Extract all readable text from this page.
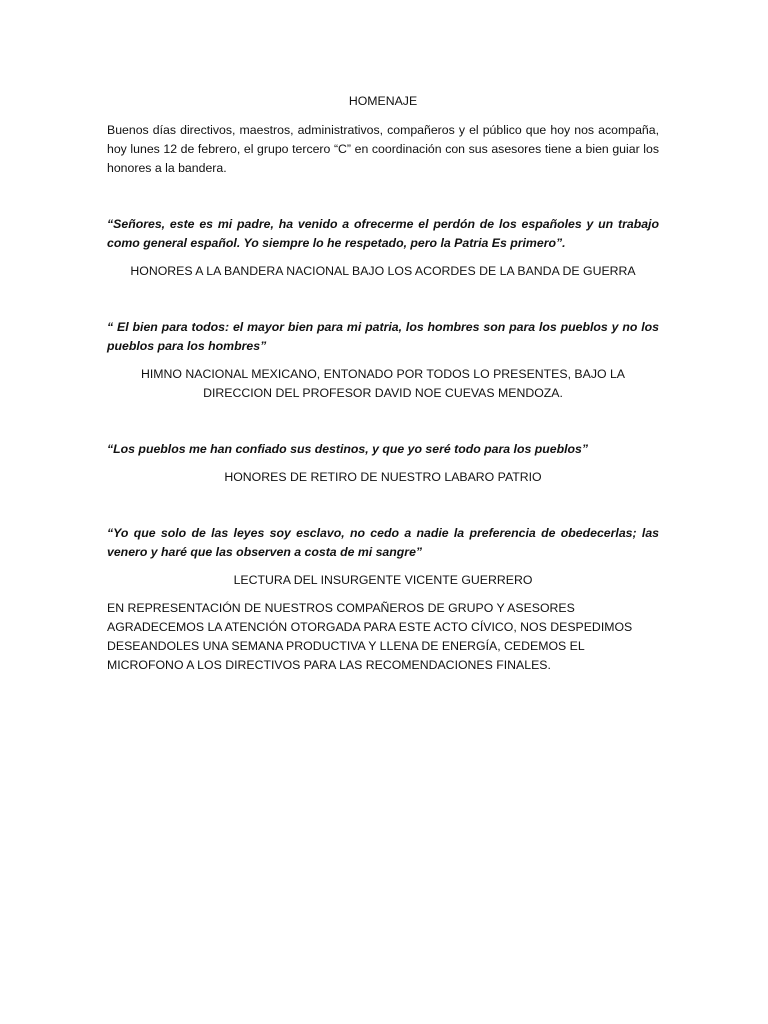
HOMENAJE

Buenos días directivos, maestros, administrativos, compañeros y el público que hoy nos acompaña, hoy lunes 12 de febrero, el grupo tercero “C” en coordinación con sus asesores tiene a bien guiar los honores a la bandera.

“Señores, este es mi padre, ha venido a ofrecerme el perdón de los españoles y un trabajo como general español. Yo siempre lo he respetado, pero la Patria Es primero”.

HONORES A LA BANDERA NACIONAL BAJO LOS ACORDES DE LA BANDA DE GUERRA

“ El bien para todos: el mayor bien para mi patria, los hombres son para los pueblos y no los pueblos para los hombres”

HIMNO NACIONAL MEXICANO, ENTONADO POR TODOS LO PRESENTES, BAJO LA DIRECCION DEL PROFESOR DAVID NOE CUEVAS MENDOZA.

“Los pueblos me han confiado sus destinos, y que yo seré todo para los pueblos”

HONORES DE RETIRO DE NUESTRO LABARO PATRIO

“Yo que solo de las leyes soy esclavo, no cedo a nadie la preferencia de obedecerlas; las venero y haré que las observen a costa de mi sangre”

LECTURA DEL INSURGENTE VICENTE GUERRERO

EN REPRESENTACIÓN DE NUESTROS COMPAÑEROS DE GRUPO Y ASESORES AGRADECEMOS LA ATENCIÓN OTORGADA PARA ESTE ACTO CÍVICO, NOS DESPEDIMOS DESEANDOLES UNA SEMANA PRODUCTIVA Y LLENA DE ENERGÍA, CEDEMOS EL MICROFONO A LOS DIRECTIVOS PARA LAS RECOMENDACIONES FINALES.
